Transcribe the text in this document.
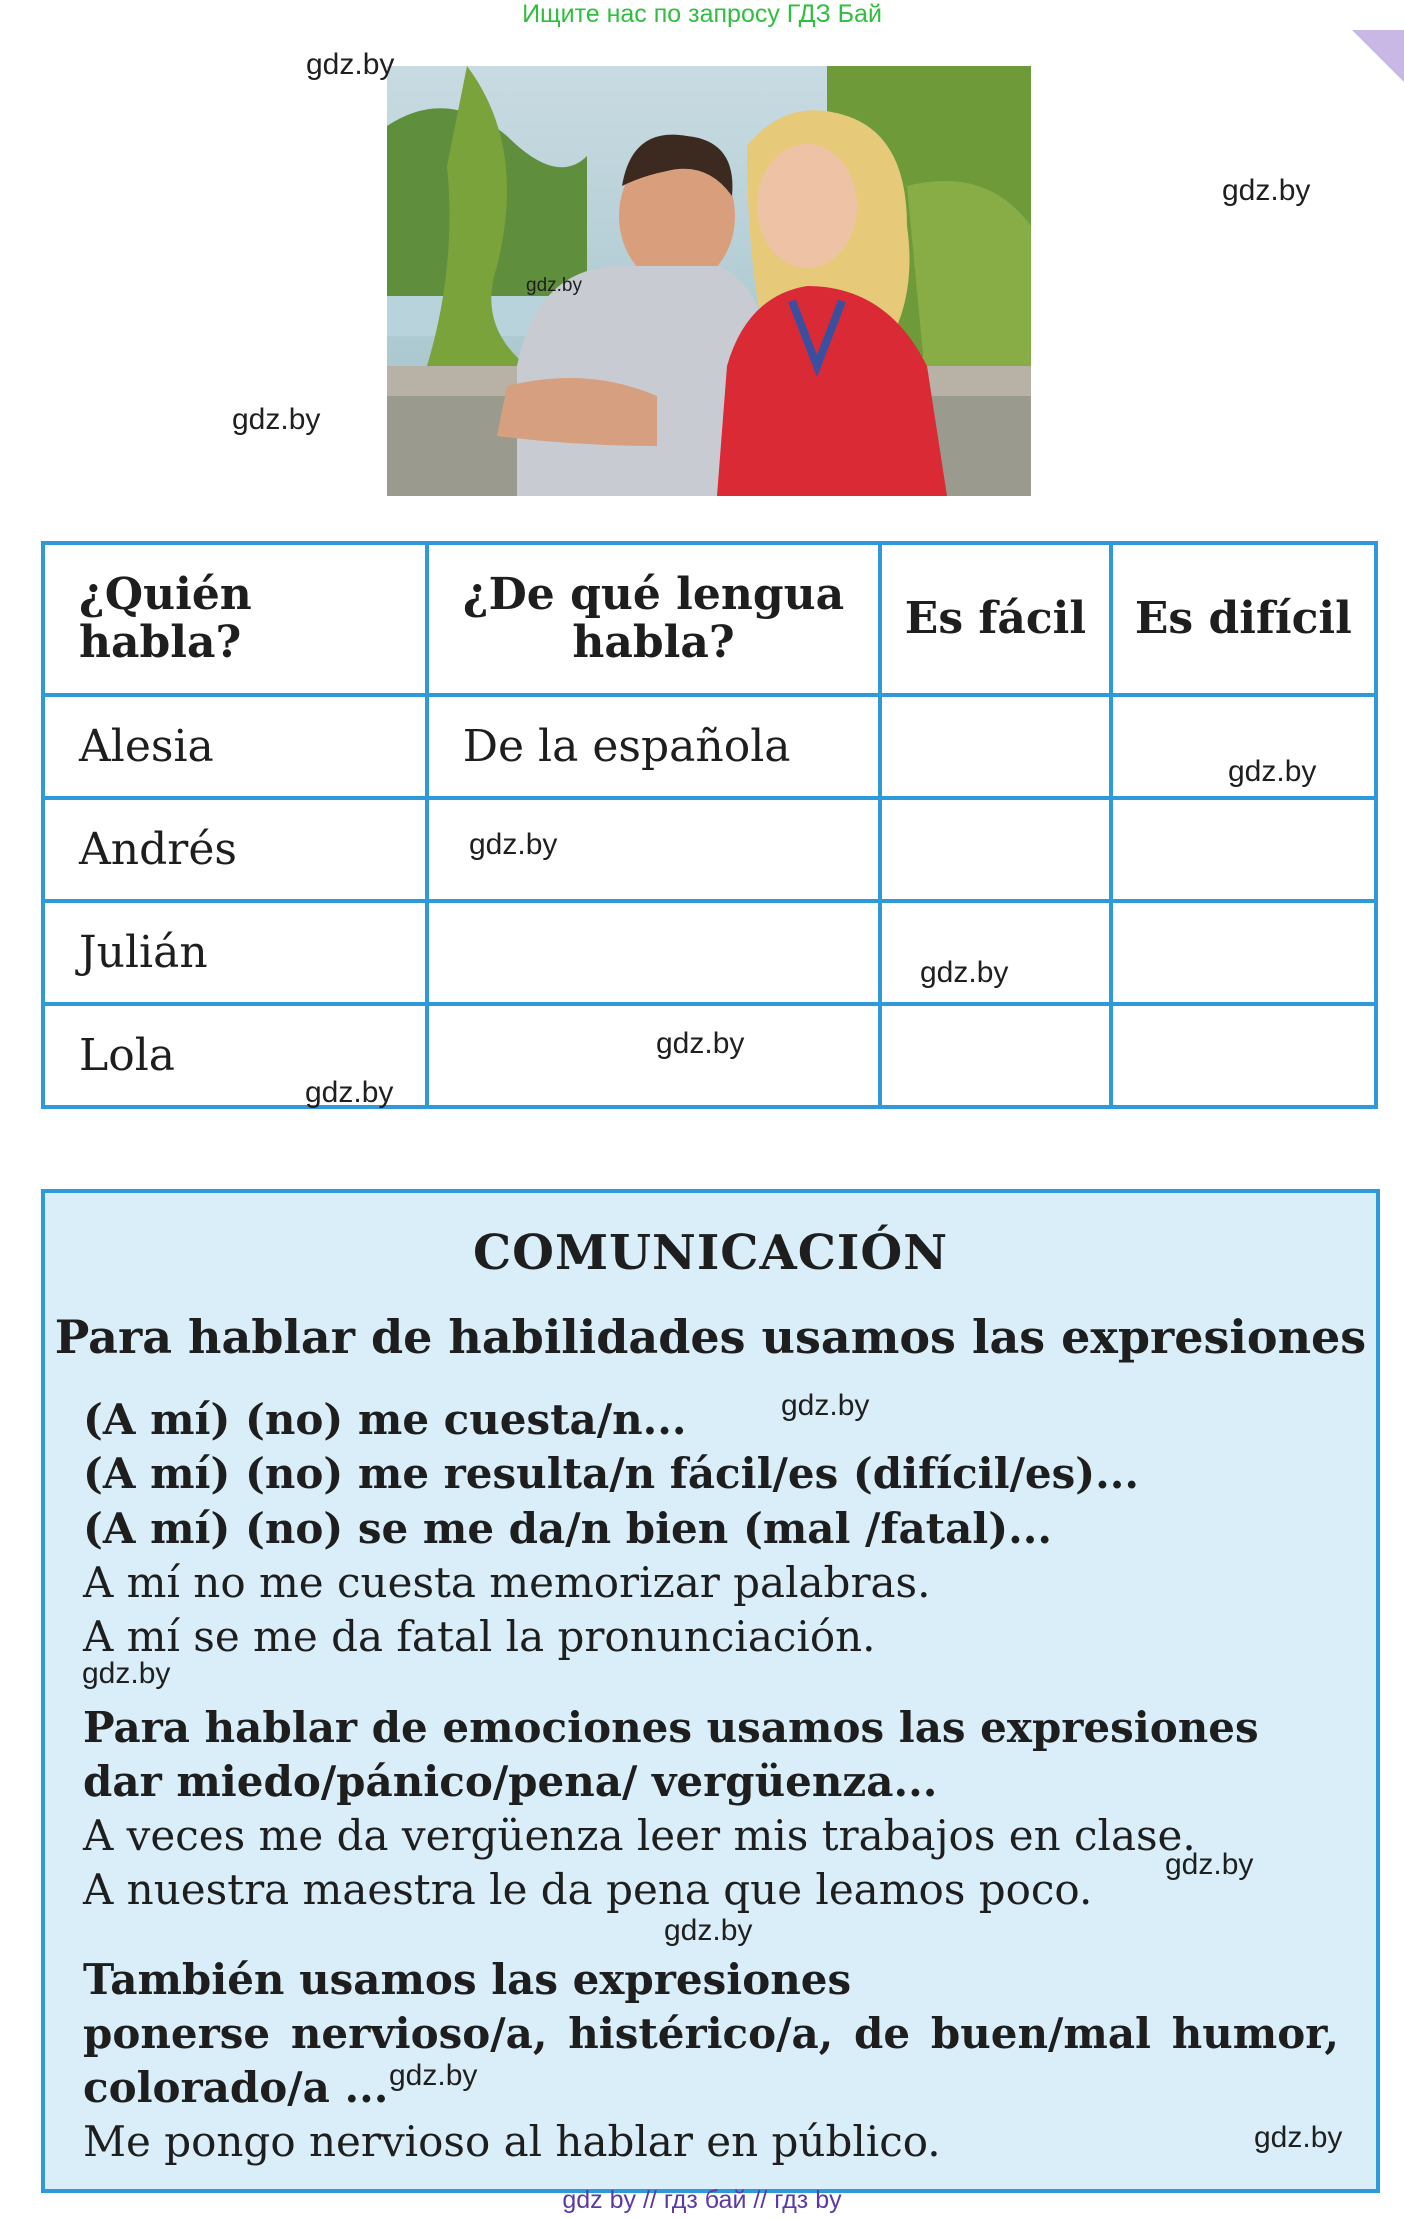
Ищите нас по запросу ГДЗ Бай
gdz.by
gdz.by
gdz.by
gdz.by
¿Quién habla?	¿De qué lengua habla?	Es fácil	Es difícil
Alesia	De la española		
Andrés			
Julián			
Lola			
gdz.by
gdz.by
gdz.by
gdz.by
gdz.by
COMUNICACIÓN
Para hablar de habilidades usamos las expresiones
(A mí) (no) me cuesta/n...
(A mí) (no) me resulta/n fácil/es (difícil/es)...
(A mí) (no) se me da/n bien (mal /fatal)...
A mí no me cuesta memorizar palabras.
A mí se me da fatal la pronunciación.
Para hablar de emociones usamos las expresiones
dar miedo/pánico/pena/ vergüenza...
A veces me da vergüenza leer mis trabajos en clase.
A nuestra maestra le da pena que leamos poco.
También usamos las expresiones
ponerse nervioso/a, histérico/a, de buen/mal humor,
colorado/a ...
Me pongo nervioso al hablar en público.
gdz.by
gdz.by
gdz.by
gdz.by
gdz.by
gdz.by
gdz by // гдз бай // гдз by
